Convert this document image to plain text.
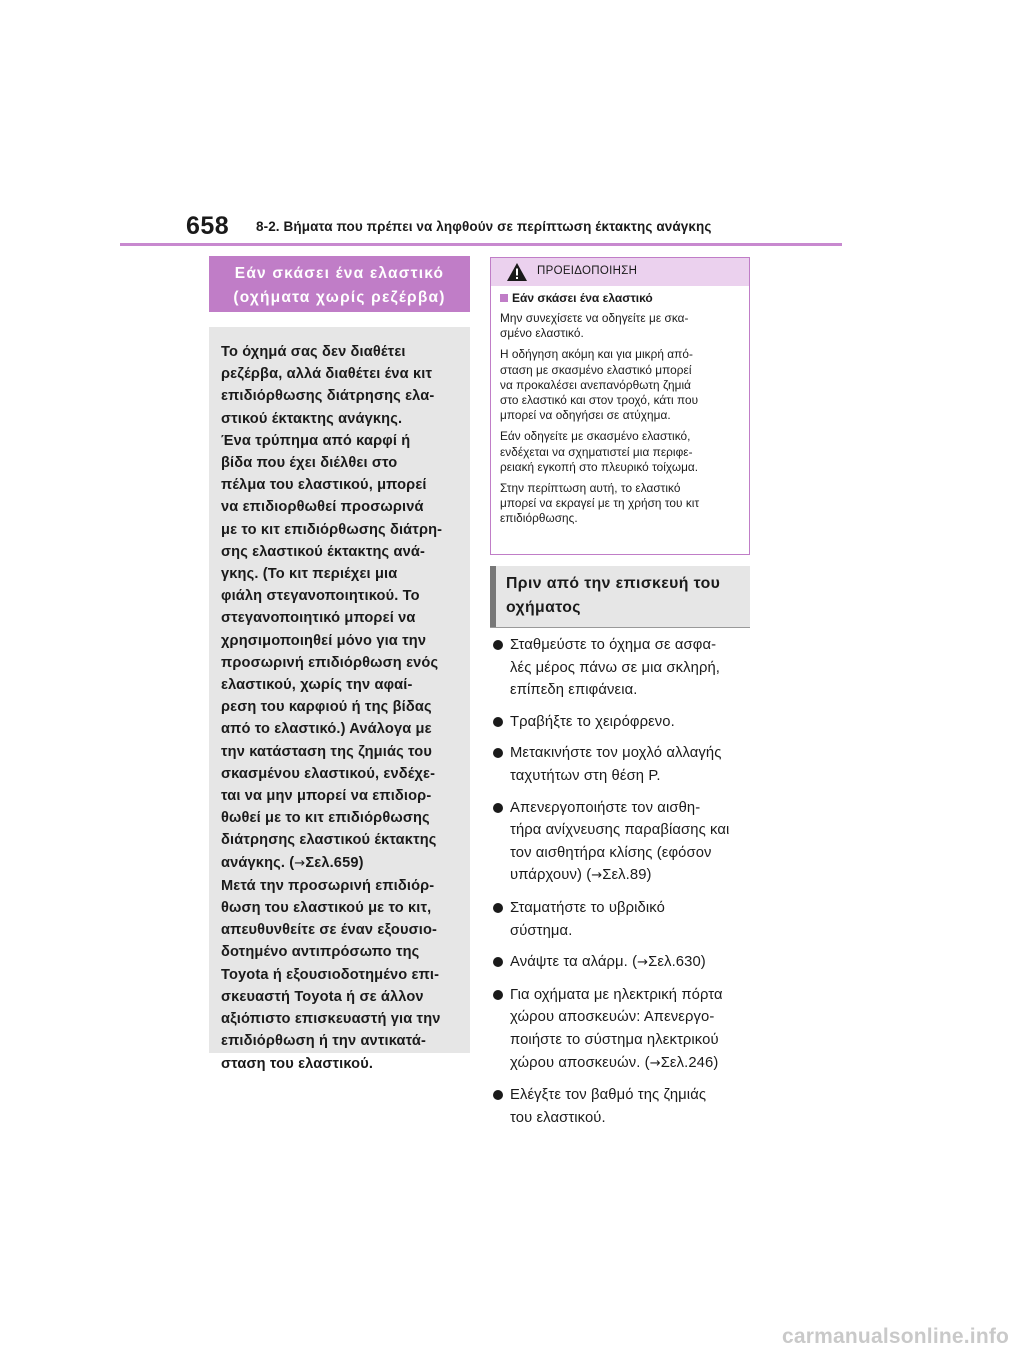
658 8-2. Βήματα που πρέπει να ληφθούν σε περίπτωση έκτακτης ανάγκης
Εάν σκάσει ένα ελαστικό
(οχήματα χωρίς ρεζέρβα)

Το όχημά σας δεν διαθέτει
ρεζέρβα, αλλά διαθέτει ένα κιτ
επιδιόρθωσης διάτρησης ελα-
στικού έκτακτης ανάγκης.
Ένα τρύπημα από καρφί ή
βίδα που έχει διέλθει στο
πέλμα του ελαστικού, μπορεί
να επιδιορθωθεί προσωρινά
με το κιτ επιδιόρθωσης διάτρη-
σης ελαστικού έκτακτης ανά-
γκης. (Το κιτ περιέχει μια
φιάλη στεγανοποιητικού. Το
στεγανοποιητικό μπορεί να
χρησιμοποιηθεί μόνο για την
προσωρινή επιδιόρθωση ενός
ελαστικού, χωρίς την αφαί-
ρεση του καρφιού ή της βίδας
από το ελαστικό.) Ανάλογα με
την κατάσταση της ζημιάς του
σκασμένου ελαστικού, ενδέχε-
ται να μην μπορεί να επιδιορ-
θωθεί με το κιτ επιδιόρθωσης
διάτρησης ελαστικού έκτακτης
ανάγκης. (→Σελ.659)

Μετά την προσωρινή επιδιόρ-
θωση του ελαστικού με το κιτ,
απευθυνθείτε σε έναν εξουσιο-
δοτημένο αντιπρόσωπο της
Toyota ή εξουσιοδοτημένο επι-
σκευαστή Toyota ή σε άλλον
αξιόπιστο επισκευαστή για την
επιδιόρθωση ή την αντικατά-
σταση του ελαστικού.

ΠΡΟΕΙΔΟΠΟΙΗΣΗ
Εάν σκάσει ένα ελαστικό

Μην συνεχίσετε να οδηγείτε με σκα-
σμένο ελαστικό.

Η οδήγηση ακόμη και για μικρή από-
σταση με σκασμένο ελαστικό μπορεί
να προκαλέσει ανεπανόρθωτη ζημιά
στο ελαστικό και στον τροχό, κάτι που
μπορεί να οδηγήσει σε ατύχημα.

Εάν οδηγείτε με σκασμένο ελαστικό,
ενδέχεται να σχηματιστεί μια περιφε-
ρειακή εγκοπή στο πλευρικό τοίχωμα.

Στην περίπτωση αυτή, το ελαστικό
μπορεί να εκραγεί με τη χρήση του κιτ
επιδιόρθωσης.

Πριν από την επισκευή του
οχήματος
Σταθμεύστε το όχημα σε ασφα-
λές μέρος πάνω σε μια σκληρή,
επίπεδη επιφάνεια.
Τραβήξτε το χειρόφρενο.
Μετακινήστε τον μοχλό αλλαγής
ταχυτήτων στη θέση P.
Απενεργοποιήστε τον αισθη-
τήρα ανίχνευσης παραβίασης και
τον αισθητήρα κλίσης (εφόσον
υπάρχουν) (→Σελ.89)
Σταματήστε το υβριδικό
σύστημα.
Ανάψτε τα αλάρμ. (→Σελ.630)
Για οχήματα με ηλεκτρική πόρτα
χώρου αποσκευών: Απενεργο-
ποιήστε το σύστημα ηλεκτρικού
χώρου αποσκευών. (→Σελ.246)
Ελέγξτε τον βαθμό της ζημιάς
του ελαστικού.
carmanualsonline.info
